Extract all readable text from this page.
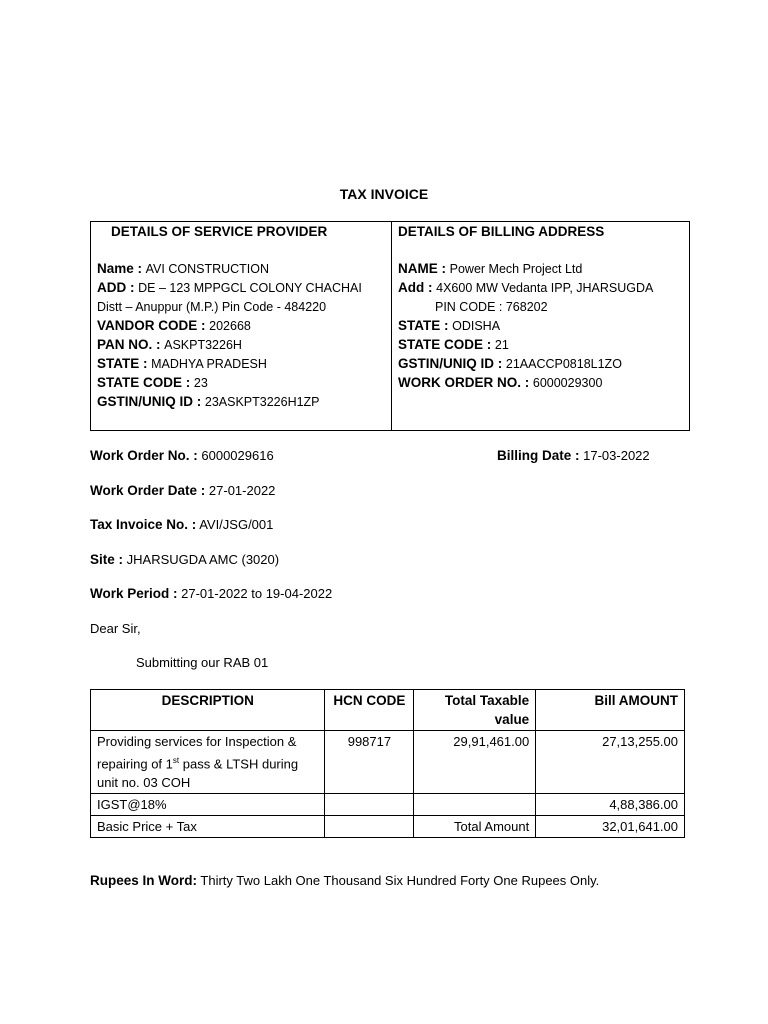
TAX INVOICE
DETAILS OF SERVICE PROVIDER
Name : AVI CONSTRUCTION
ADD : DE – 123 MPPGCL COLONY CHACHAI
Distt – Anuppur (M.P.) Pin Code - 484220
VANDOR CODE : 202668
PAN NO. : ASKPT3226H
STATE : MADHYA PRADESH
STATE CODE : 23
GSTIN/UNIQ ID : 23ASKPT3226H1ZP
DETAILS OF BILLING ADDRESS
NAME : Power Mech Project Ltd
Add : 4X600 MW Vedanta IPP, JHARSUGDA
PIN CODE : 768202
STATE : ODISHA
STATE CODE : 21
GSTIN/UNIQ ID : 21AACCP0818L1ZO
WORK ORDER NO. : 6000029300
Work Order No. : 6000029616	Billing Date : 17-03-2022
Work Order Date : 27-01-2022
Tax Invoice No. : AVI/JSG/001
Site : JHARSUGDA AMC (3020)
Work Period : 27-01-2022 to 19-04-2022
Dear Sir,
Submitting our RAB 01
DESCRIPTION	HCN CODE	Total Taxable value	Bill AMOUNT
Providing services for Inspection &
repairing of 1st pass & LTSH during
unit no. 03 COH	998717	29,91,461.00	27,13,255.00
IGST@18%			4,88,386.00
Basic Price + Tax		Total Amount	32,01,641.00
Rupees In Word: Thirty Two Lakh One Thousand Six Hundred Forty One Rupees Only.
